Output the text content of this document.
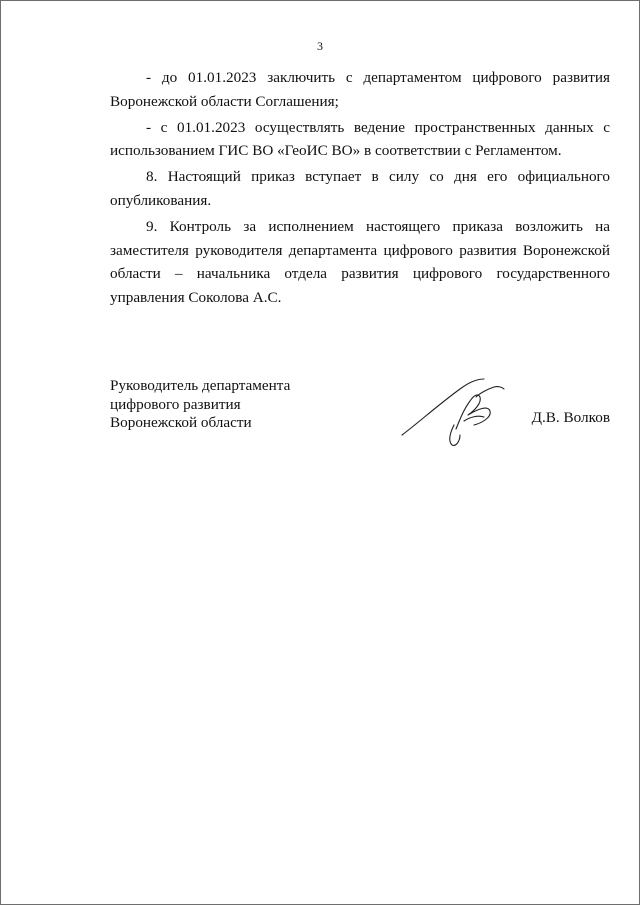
3

- до 01.01.2023 заключить с департаментом цифрового развития Воронежской области Соглашения;

- с 01.01.2023 осуществлять ведение пространственных данных с использованием ГИС ВО «ГеоИС ВО» в соответствии с Регламентом.

8. Настоящий приказ вступает в силу со дня его официального опубликования.

9. Контроль за исполнением настоящего приказа возложить на заместителя руководителя департамента цифрового развития Воронежской области – начальника отдела развития цифрового государственного управления Соколова А.С.

Руководитель департамента
цифрового развития
Воронежской области	Д.В. Волков
